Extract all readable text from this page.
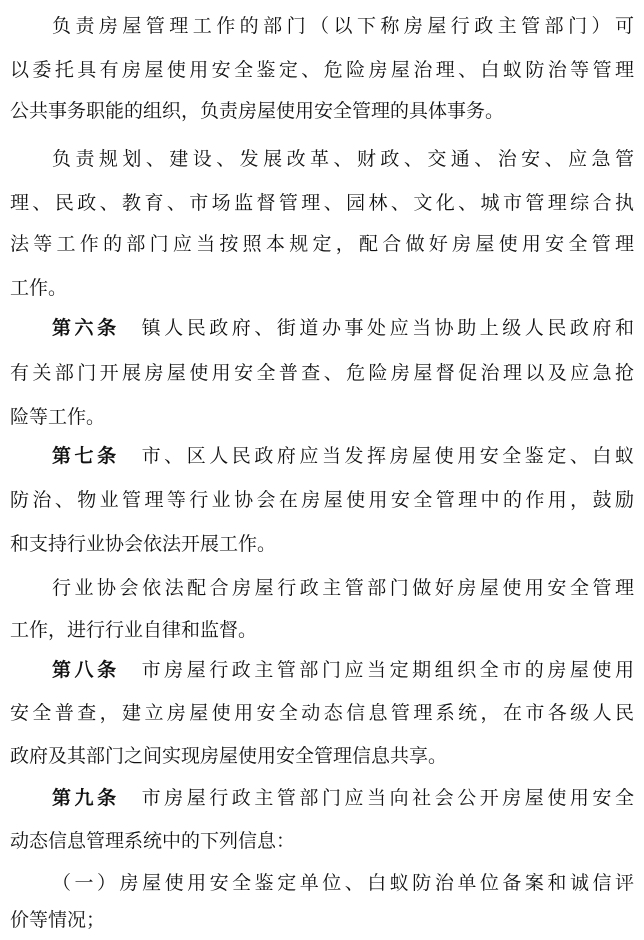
负责房屋管理工作的部门（以下称房屋行政主管部门）可
以委托具有房屋使用安全鉴定、危险房屋治理、白蚁防治等管理
公共事务职能的组织，负责房屋使用安全管理的具体事务。
负责规划、建设、发展改革、财政、交通、治安、应急管
理、民政、教育、市场监督管理、园林、文化、城市管理综合执
法等工作的部门应当按照本规定，配合做好房屋使用安全管理
工作。
第六条 镇人民政府、街道办事处应当协助上级人民政府和
有关部门开展房屋使用安全普查、危险房屋督促治理以及应急抢
险等工作。
第七条 市、区人民政府应当发挥房屋使用安全鉴定、白蚁
防治、物业管理等行业协会在房屋使用安全管理中的作用，鼓励
和支持行业协会依法开展工作。
行业协会依法配合房屋行政主管部门做好房屋使用安全管理
工作，进行行业自律和监督。
第八条 市房屋行政主管部门应当定期组织全市的房屋使用
安全普查，建立房屋使用安全动态信息管理系统，在市各级人民
政府及其部门之间实现房屋使用安全管理信息共享。
第九条 市房屋行政主管部门应当向社会公开房屋使用安全
动态信息管理系统中的下列信息：
（一）房屋使用安全鉴定单位、白蚁防治单位备案和诚信评
价等情况；
